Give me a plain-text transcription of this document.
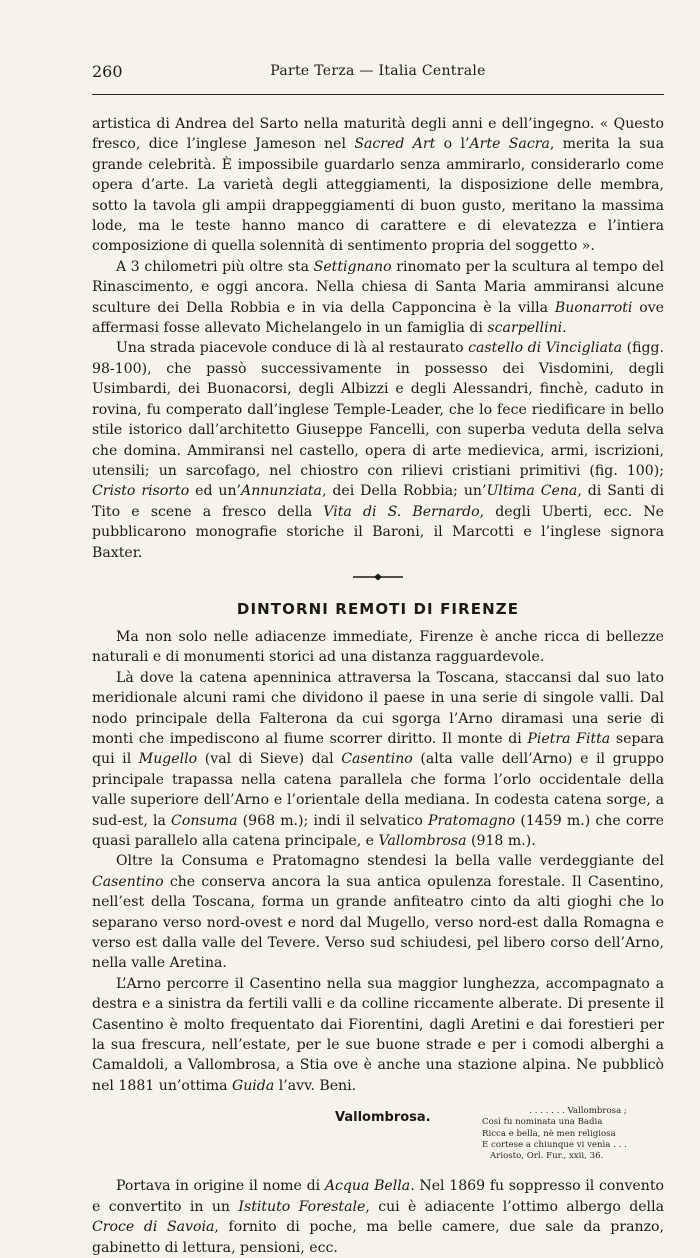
260	Parte Terza — Italia Centrale

artistica di Andrea del Sarto nella maturità degli anni e dell’ingegno. « Questo fresco, dice l’inglese Jameson nel Sacred Art o l’Arte Sacra, merita la sua grande celebrità. È impossibile guardarlo senza ammirarlo, considerarlo come opera d’arte. La varietà degli atteggiamenti, la disposizione delle membra, sotto la tavola gli ampii drappeggiamenti di buon gusto, meritano la massima lode, ma le teste hanno manco di carattere e di elevatezza e l’intiera composizione di quella solennità di sentimento propria del soggetto ».

A 3 chilometri più oltre sta Settignano rinomato per la scultura al tempo del Rinascimento, e oggi ancora. Nella chiesa di Santa Maria ammiransi alcune sculture dei Della Robbia e in via della Capponcina è la villa Buonarroti ove affermasi fosse allevato Michelangelo in un famiglia di scarpellini.

Una strada piacevole conduce di là al restaurato castello di Vincigliata (figg. 98-100), che passò successivamente in possesso dei Visdomini, degli Usimbardi, dei Buonacorsi, degli Albizzi e degli Alessandri, finchè, caduto in rovina, fu comperato dall’inglese Temple-Leader, che lo fece riedificare in bello stile istorico dall’architetto Giuseppe Fancelli, con superba veduta della selva che domina. Ammiransi nel castello, opera di arte medievica, armi, iscrizioni, utensili; un sarcofago, nel chiostro con rilievi cristiani primitivi (fig. 100); Cristo risorto ed un’Annunziata, dei Della Robbia; un’Ultima Cena, di Santi di Tito e scene a fresco della Vita di S. Bernardo, degli Uberti, ecc. Ne pubblicarono monografie storiche il Baroni, il Marcotti e l’inglese signora Baxter.

DINTORNI REMOTI DI FIRENZE

Ma non solo nelle adiacenze immediate, Firenze è anche ricca di bellezze naturali e di monumenti storici ad una distanza ragguardevole.

Là dove la catena apenninica attraversa la Toscana, staccansi dal suo lato meridionale alcuni rami che dividono il paese in una serie di singole valli. Dal nodo principale della Falterona da cui sgorga l’Arno diramasi una serie di monti che impediscono al fiume scorrer diritto. Il monte di Pietra Fitta separa qui il Mugello (val di Sieve) dal Casentino (alta valle dell’Arno) e il gruppo principale trapassa nella catena parallela che forma l’orlo occidentale della valle superiore dell’Arno e l’orientale della mediana. In codesta catena sorge, a sud-est, la Consuma (968 m.); indi il selvatico Pratomagno (1459 m.) che corre quasi parallelo alla catena principale, e Vallombrosa (918 m.).

Oltre la Consuma e Pratomagno stendesi la bella valle verdeggiante del Casentino che conserva ancora la sua antica opulenza forestale. Il Casentino, nell’est della Toscana, forma un grande anfiteatro cinto da alti gioghi che lo separano verso nord-ovest e nord dal Mugello, verso nord-est dalla Romagna e verso est dalla valle del Tevere. Verso sud schiudesi, pel libero corso dell’Arno, nella valle Aretina.

L’Arno percorre il Casentino nella sua maggior lunghezza, accompagnato a destra e a sinistra da fertili valli e da colline riccamente alberate. Di presente il Casentino è molto frequentato dai Fiorentini, dagli Aretini e dai forestieri per la sua frescura, nell’estate, per le sue buone strade e per i comodi alberghi a Camaldoli, a Vallombrosa, a Stia ove è anche una stazione alpina. Ne pubblicò nel 1881 un’ottima Guida l’avv. Beni.

Vallombrosa.	. . . . . . . Vallombrosa ;
Così fu nominata una Badia
Ricca e bella, nè men religiosa
E cortese a chiunque vi venìa . . .
Ariosto, Orl. Fur., xxii, 36.

Portava in origine il nome di Acqua Bella. Nel 1869 fu soppresso il convento e convertito in un Istituto Forestale, cui è adiacente l’ottimo albergo della Croce di Savoia, fornito di poche, ma belle camere, due sale da pranzo, gabinetto di lettura, pensioni, ecc.
